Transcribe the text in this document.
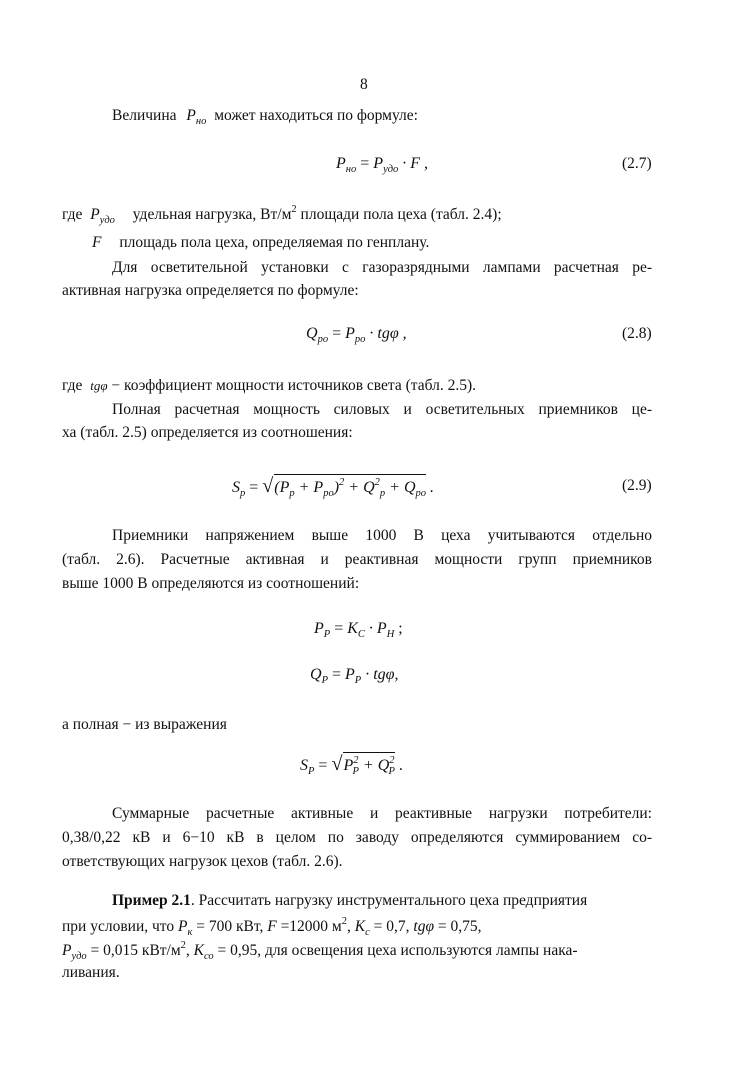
8
Величина $P_{но}$ может находиться по формуле:
$P_{но} = P_{удо} \cdot F$ ,	(2.7)
где $P_{удо}$ удельная нагрузка, $Вт/м^2$ площади пола цеха (табл. 2.4);
F площадь пола цеха, определяемая по генплану.
Для осветительной установки с газоразрядными лампами расчетная ре-
активная нагрузка определяется по формуле:
$Q_{ро} = P_{ро} \cdot tg\varphi$ ,	(2.8)
где tgφ − коэффициент мощности источников света (табл. 2.5).
Полная расчетная мощность силовых и осветительных приемников це-
ха (табл. 2.5) определяется из соотношения:
$S_р = √(P_р + P_{ро})^2 + Q^2_р + Q_{ро}$ .	(2.9)
Приемники напряжением выше 1000 В цеха учитываются отдельно
(табл. 2.6). Расчетные активная и реактивная мощности групп приемников
выше 1000 В определяются из соотношений:
$P_Р = K_С \cdot P_Н$ ;
$Q_Р = P_Р \cdot tg\varphi$,
а полная − из выражения
$S_Р = √P^2_Р + Q^2_Р$ .
Суммарные расчетные активные и реактивные нагрузки потребители:
0,38/0,22 кВ и 6−10 кВ в целом по заводу определяются суммированием со-
ответствующих нагрузок цехов (табл. 2.6).
Пример 2.1. Рассчитать нагрузку инструментального цеха предприятия
при условии, что $P_к = 700$ кВт, F =12000 $м^2$, $K_с = 0,7$, tgφ = 0,75,
$P_{удо} = 0,015$ кВт/$м^2$, $K_{со} = 0,95$, для освещения цеха используются лампы нака-
ливания.
